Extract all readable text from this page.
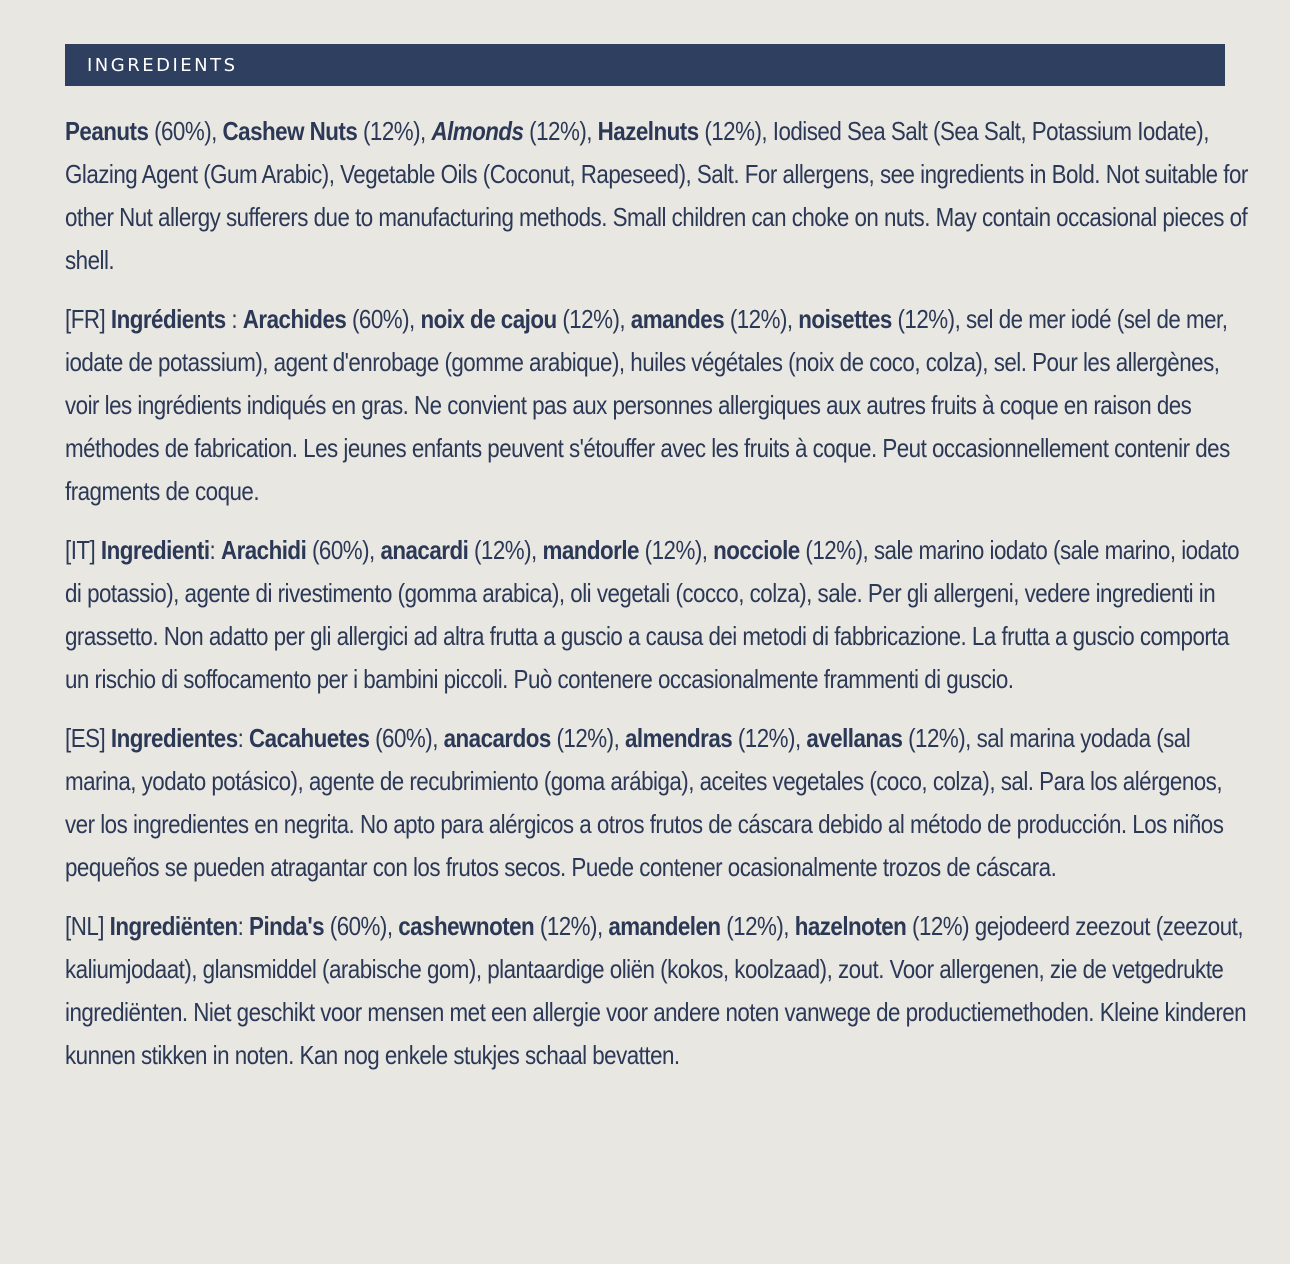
INGREDIENTS

Peanuts (60%), Cashew Nuts (12%), Almonds (12%), Hazelnuts (12%), Iodised Sea Salt (Sea Salt, Potassium Iodate), Glazing Agent (Gum Arabic), Vegetable Oils (Coconut, Rapeseed), Salt. For allergens, see ingredients in Bold. Not suitable for other Nut allergy sufferers due to manufacturing methods. Small children can choke on nuts. May contain occasional pieces of shell.

[FR] Ingrédients : Arachides (60%), noix de cajou (12%), amandes (12%), noisettes (12%), sel de mer iodé (sel de mer, iodate de potassium), agent d'enrobage (gomme arabique), huiles végétales (noix de coco, colza), sel. Pour les allergènes, voir les ingrédients indiqués en gras. Ne convient pas aux personnes allergiques aux autres fruits à coque en raison des méthodes de fabrication. Les jeunes enfants peuvent s'étouffer avec les fruits à coque. Peut occasionnellement contenir des fragments de coque.

[IT] Ingredienti: Arachidi (60%), anacardi (12%), mandorle (12%), nocciole (12%), sale marino iodato (sale marino, iodato di potassio), agente di rivestimento (gomma arabica), oli vegetali (cocco, colza), sale. Per gli allergeni, vedere ingredienti in grassetto. Non adatto per gli allergici ad altra frutta a guscio a causa dei metodi di fabbricazione. La frutta a guscio comporta un rischio di soffocamento per i bambini piccoli. Può contenere occasionalmente frammenti di guscio.

[ES] Ingredientes: Cacahuetes (60%), anacardos (12%), almendras (12%), avellanas (12%), sal marina yodada (sal marina, yodato potásico), agente de recubrimiento (goma arábiga), aceites vegetales (coco, colza), sal. Para los alérgenos, ver los ingredientes en negrita. No apto para alérgicos a otros frutos de cáscara debido al método de producción. Los niños pequeños se pueden atragantar con los frutos secos. Puede contener ocasionalmente trozos de cáscara.

[NL] Ingrediënten: Pinda's (60%), cashewnoten (12%), amandelen (12%), hazelnoten (12%) gejodeerd zeezout (zeezout, kaliumjodaat), glansmiddel (arabische gom), plantaardige oliën (kokos, koolzaad), zout. Voor allergenen, zie de vetgedrukte ingrediënten. Niet geschikt voor mensen met een allergie voor andere noten vanwege de productiemethoden. Kleine kinderen kunnen stikken in noten. Kan nog enkele stukjes schaal bevatten.
